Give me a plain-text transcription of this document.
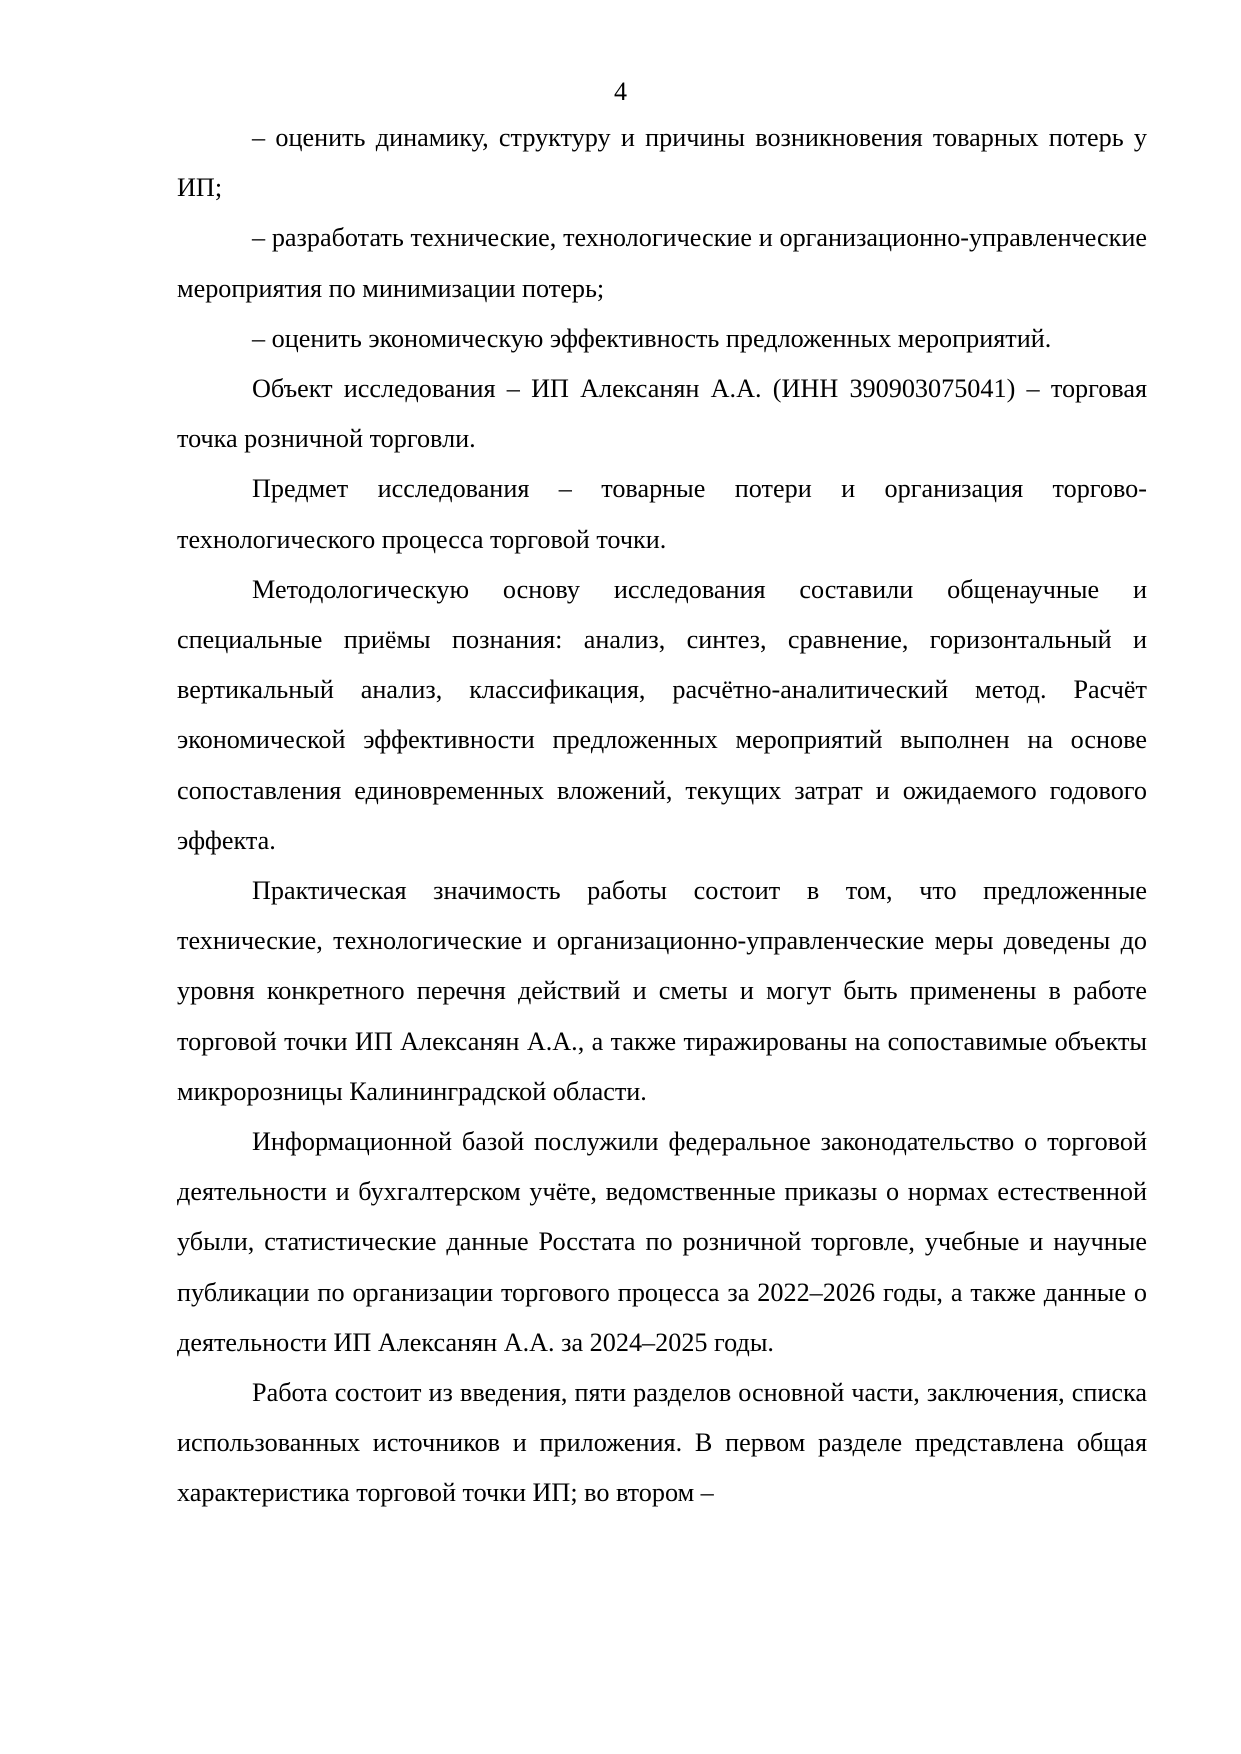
4

– оценить динамику, структуру и причины возникновения товарных потерь у ИП;

– разработать технические, технологические и организационно-управленческие мероприятия по минимизации потерь;

– оценить экономическую эффективность предложенных мероприятий.

Объект исследования – ИП Алексанян А.А. (ИНН 390903075041) – торговая точка розничной торговли.

Предмет исследования – товарные потери и организация торгово-технологического процесса торговой точки.

Методологическую основу исследования составили общенаучные и специальные приёмы познания: анализ, синтез, сравнение, горизонтальный и вертикальный анализ, классификация, расчётно-аналитический метод. Расчёт экономической эффективности предложенных мероприятий выполнен на основе сопоставления единовременных вложений, текущих затрат и ожидаемого годового эффекта.

Практическая значимость работы состоит в том, что предложенные технические, технологические и организационно-управленческие меры доведены до уровня конкретного перечня действий и сметы и могут быть применены в работе торговой точки ИП Алексанян А.А., а также тиражированы на сопоставимые объекты микророзницы Калининградской области.

Информационной базой послужили федеральное законодательство о торговой деятельности и бухгалтерском учёте, ведомственные приказы о нормах естественной убыли, статистические данные Росстата по розничной торговле, учебные и научные публикации по организации торгового процесса за 2022–2026 годы, а также данные о деятельности ИП Алексанян А.А. за 2024–2025 годы.

Работа состоит из введения, пяти разделов основной части, заключения, списка использованных источников и приложения. В первом разделе представлена общая характеристика торговой точки ИП; во втором –
